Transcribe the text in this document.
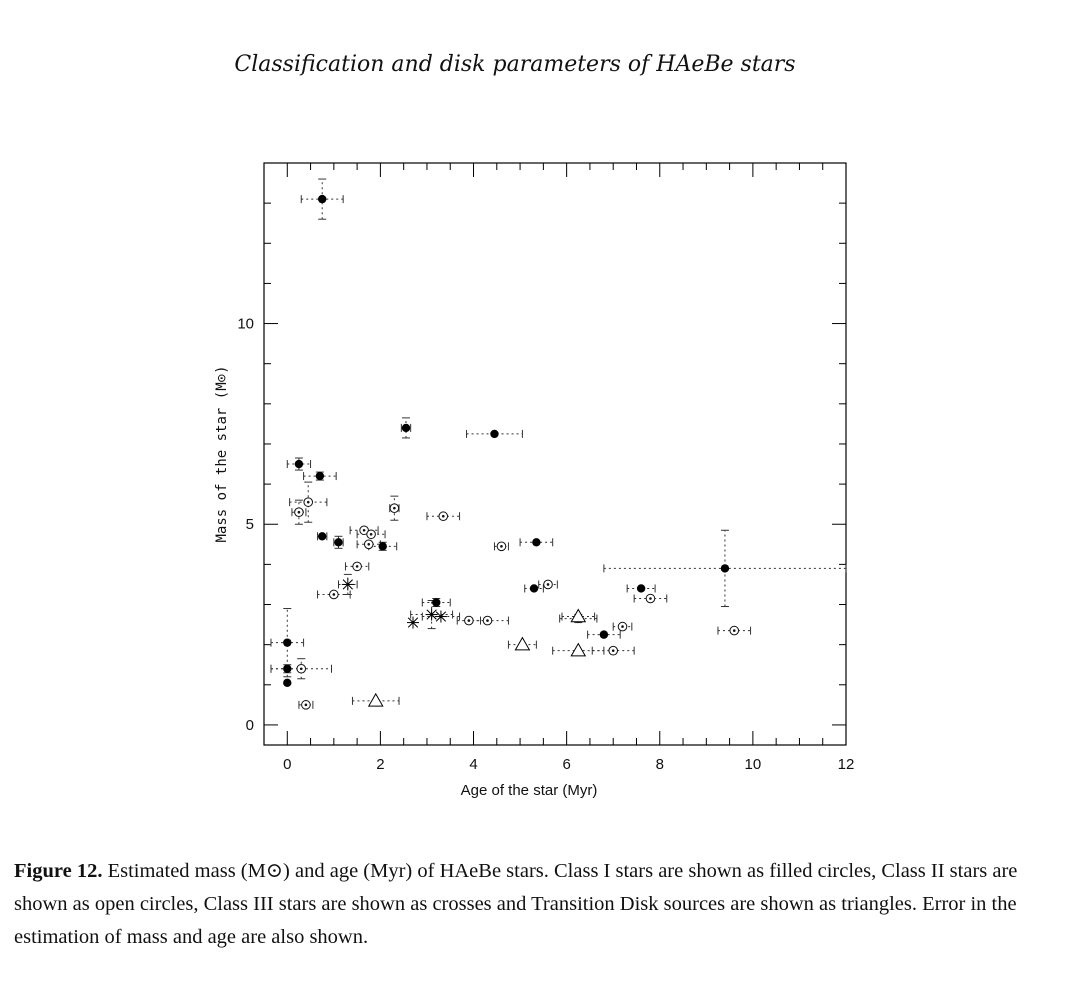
Classification and disk parameters of HAeBe stars
0	2	4	6	8	10	12
0
5
10
Age of the star (Myr)
Mass of the star (M⊙)
Figure 12. Estimated mass (M⊙) and age (Myr) of HAeBe stars. Class I stars are shown as filled circles, Class II stars are shown as open circles, Class III stars are shown as crosses and Transition Disk sources are shown as triangles. Error in the estimation of mass and age are also shown.
